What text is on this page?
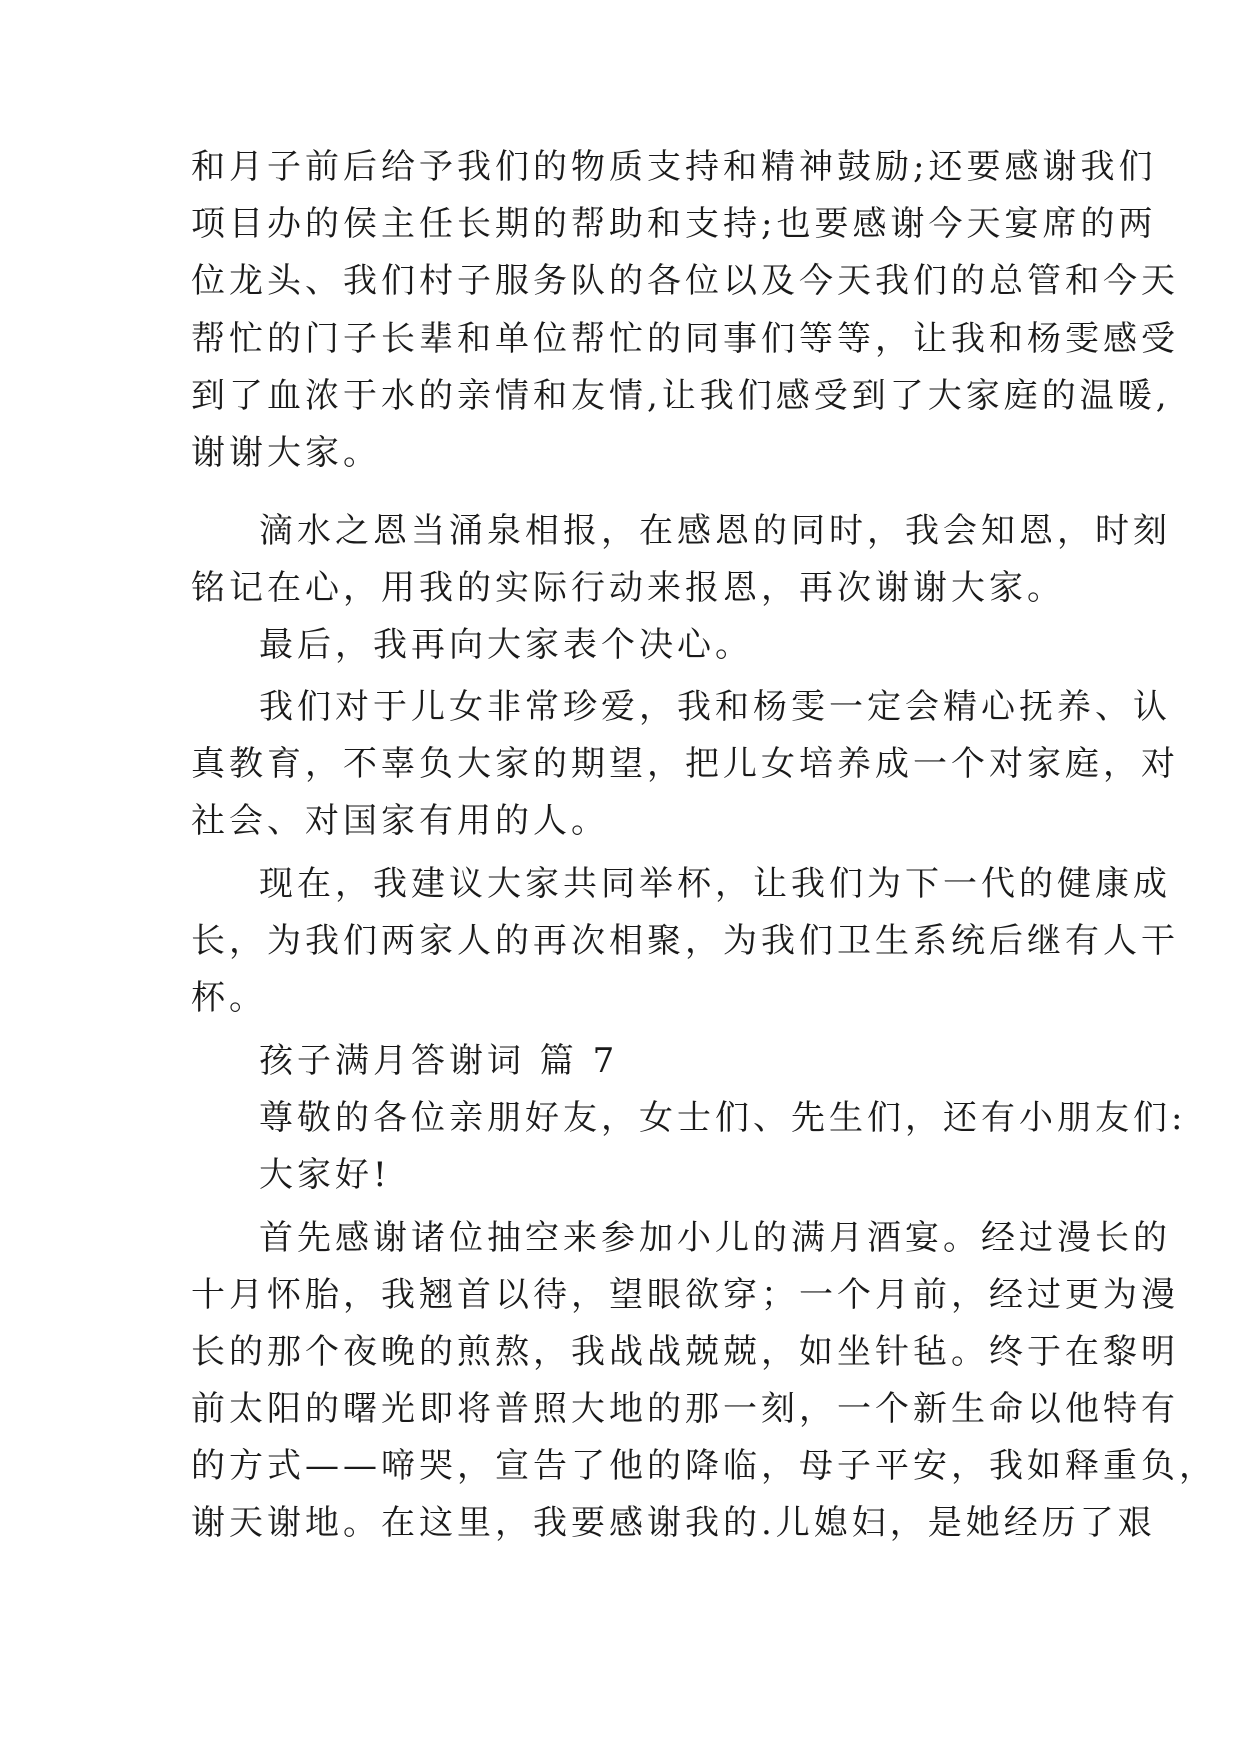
和月子前后给予我们的物质支持和精神鼓励;还要感谢我们
项目办的侯主任长期的帮助和支持;也要感谢今天宴席的两
位龙头、我们村子服务队的各位以及今天我们的总管和今天
帮忙的门子长辈和单位帮忙的同事们等等，让我和杨雯感受
到了血浓于水的亲情和友情,让我们感受到了大家庭的温暖,
谢谢大家。
滴水之恩当涌泉相报，在感恩的同时，我会知恩，时刻
铭记在心，用我的实际行动来报恩，再次谢谢大家。
最后，我再向大家表个决心。
我们对于儿女非常珍爱，我和杨雯一定会精心抚养、认
真教育，不辜负大家的期望，把儿女培养成一个对家庭，对
社会、对国家有用的人。
现在，我建议大家共同举杯，让我们为下一代的健康成
长，为我们两家人的再次相聚，为我们卫生系统后继有人干
杯。
孩子满月答谢词 篇 7
尊敬的各位亲朋好友，女士们、先生们，还有小朋友们:
大家好!
首先感谢诸位抽空来参加小儿的满月酒宴。经过漫长的
十月怀胎，我翘首以待，望眼欲穿；一个月前，经过更为漫
长的那个夜晚的煎熬，我战战兢兢，如坐针毡。终于在黎明
前太阳的曙光即将普照大地的那一刻，一个新生命以他特有
的方式——啼哭，宣告了他的降临，母子平安，我如释重负，
谢天谢地。在这里，我要感谢我的.儿媳妇，是她经历了艰
